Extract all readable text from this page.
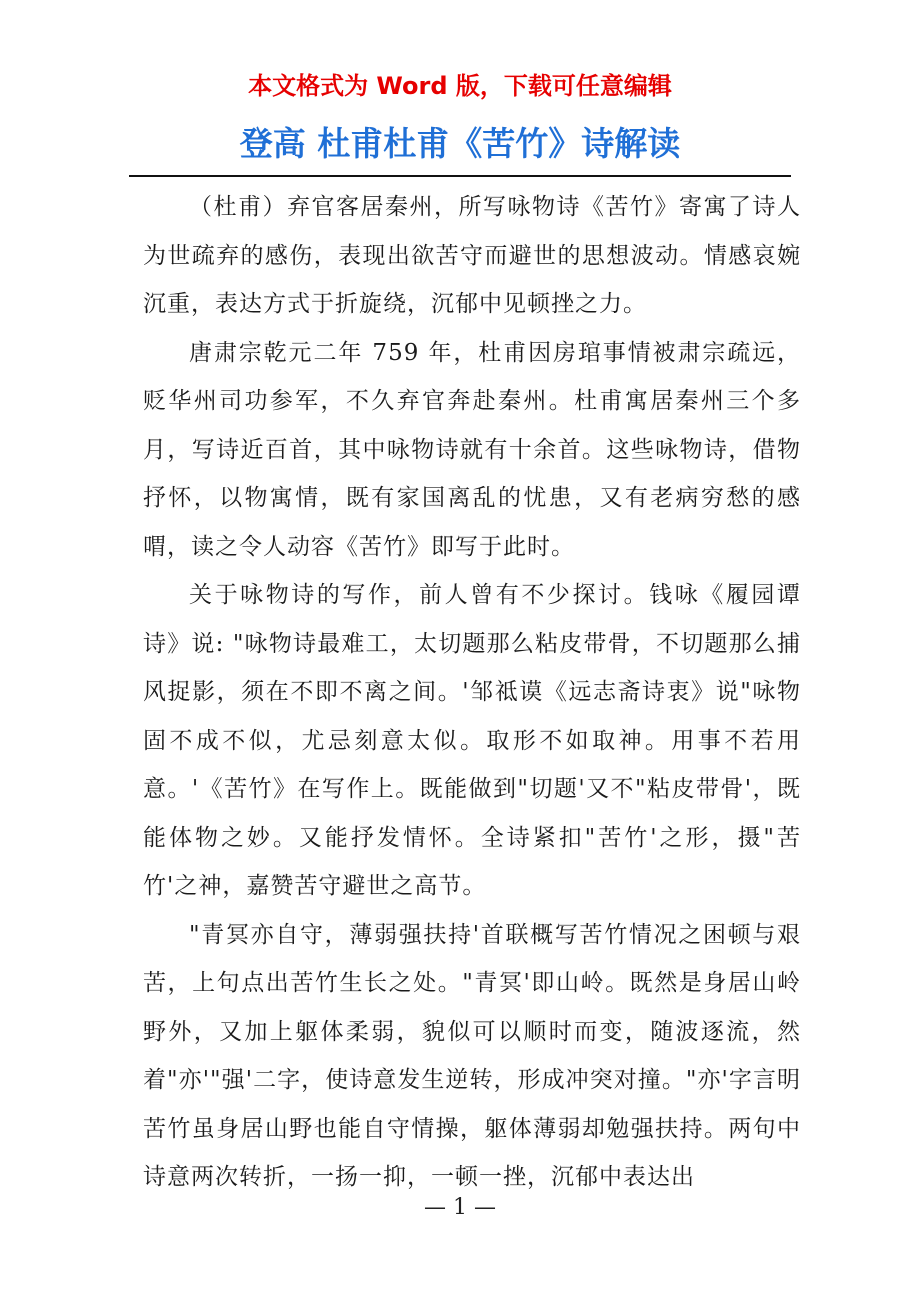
本文格式为 Word 版，下载可任意编辑
登高 杜甫杜甫《苦竹》诗解读

（杜甫）弃官客居秦州，所写咏物诗《苦竹》寄寓了诗人为世疏弃的感伤，表现出欲苦守而避世的思想波动。情感哀婉沉重，表达方式于折旋绕，沉郁中见顿挫之力。

唐肃宗乾元二年 759 年，杜甫因房琯事情被肃宗疏远，贬华州司功参军，不久弃官奔赴秦州。杜甫寓居秦州三个多月，写诗近百首，其中咏物诗就有十余首。这些咏物诗，借物抒怀，以物寓情，既有家国离乱的忧患，又有老病穷愁的感喟，读之令人动容《苦竹》即写于此时。

关于咏物诗的写作，前人曾有不少探讨。钱咏《履园谭诗》说: "咏物诗最难工，太切题那么粘皮带骨，不切题那么捕风捉影，须在不即不离之间。'邹祗谟《远志斋诗衷》说"咏物固不成不似，尤忌刻意太似。取形不如取神。用事不若用意。'《苦竹》在写作上。既能做到"切题'又不"粘皮带骨'，既能体物之妙。又能抒发情怀。全诗紧扣"苦竹'之形，摄"苦竹'之神，嘉赞苦守避世之高节。

"青冥亦自守，薄弱强扶持'首联概写苦竹情况之困顿与艰苦，上句点出苦竹生长之处。"青冥'即山岭。既然是身居山岭野外，又加上躯体柔弱，貌似可以顺时而变，随波逐流，然着"亦'"强'二字，使诗意发生逆转，形成冲突对撞。"亦'字言明苦竹虽身居山野也能自守情操，躯体薄弱却勉强扶持。两句中诗意两次转折，一扬一抑，一顿一挫，沉郁中表达出

— 1 —
